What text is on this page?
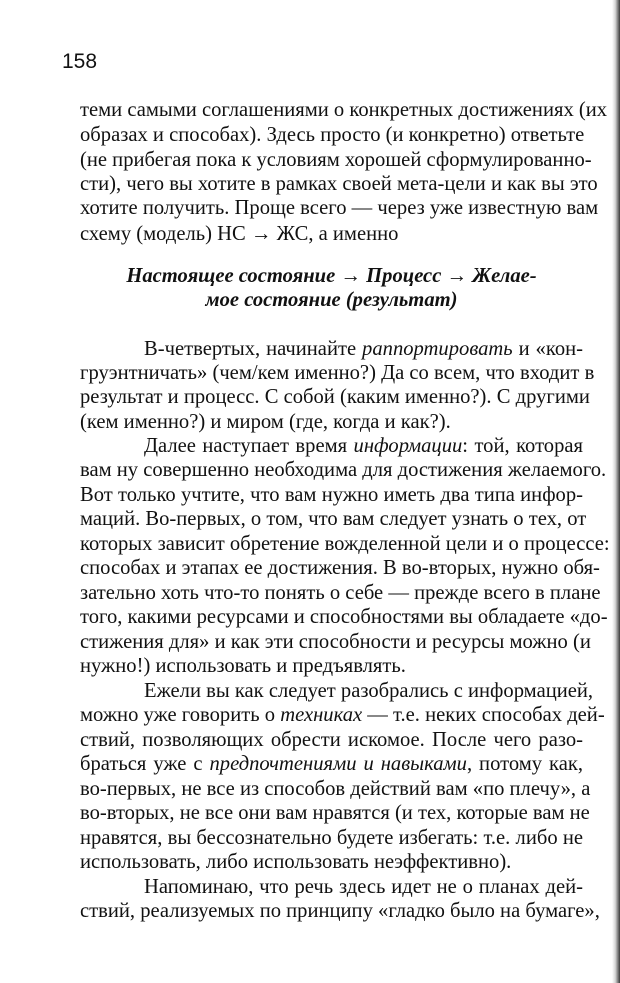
158
теми самыми соглашениями о конкретных достижениях (их
образах и способах). Здесь просто (и конкретно) ответьте
(не прибегая пока к условиям хорошей сформулированно-
сти), чего вы хотите в рамках своей мета-цели и как вы это
хотите получить. Проще всего — через уже известную вам
схему (модель) НС → ЖС, а именно
Настоящее состояние → Процесс → Желае-
мое состояние (результат)
В-четвертых, начинайте раппортировать и «кон-
груэнтничать» (чем/кем именно?) Да со всем, что входит в
результат и процесс. С собой (каким именно?). С другими
(кем именно?) и миром (где, когда и как?).
Далее наступает время информации: той, которая
вам ну совершенно необходима для достижения желаемого.
Вот только учтите, что вам нужно иметь два типа инфор-
маций. Во-первых, о том, что вам следует узнать о тех, от
которых зависит обретение вожделенной цели и о процессе:
способах и этапах ее достижения. В во-вторых, нужно обя-
зательно хоть что-то понять о себе — прежде всего в плане
того, какими ресурсами и способностями вы обладаете «до-
стижения для» и как эти способности и ресурсы можно (и
нужно!) использовать и предъявлять.
Ежели вы как следует разобрались с информацией,
можно уже говорить о техниках — т.е. неких способах дей-
ствий, позволяющих обрести искомое. После чего разо-
браться уже с предпочтениями и навыками, потому как,
во-первых, не все из способов действий вам «по плечу», а
во-вторых, не все они вам нравятся (и тех, которые вам не
нравятся, вы бессознательно будете избегать: т.е. либо не
использовать, либо использовать неэффективно).
Напоминаю, что речь здесь идет не о планах дей-
ствий, реализуемых по принципу «гладко было на бумаге»,
